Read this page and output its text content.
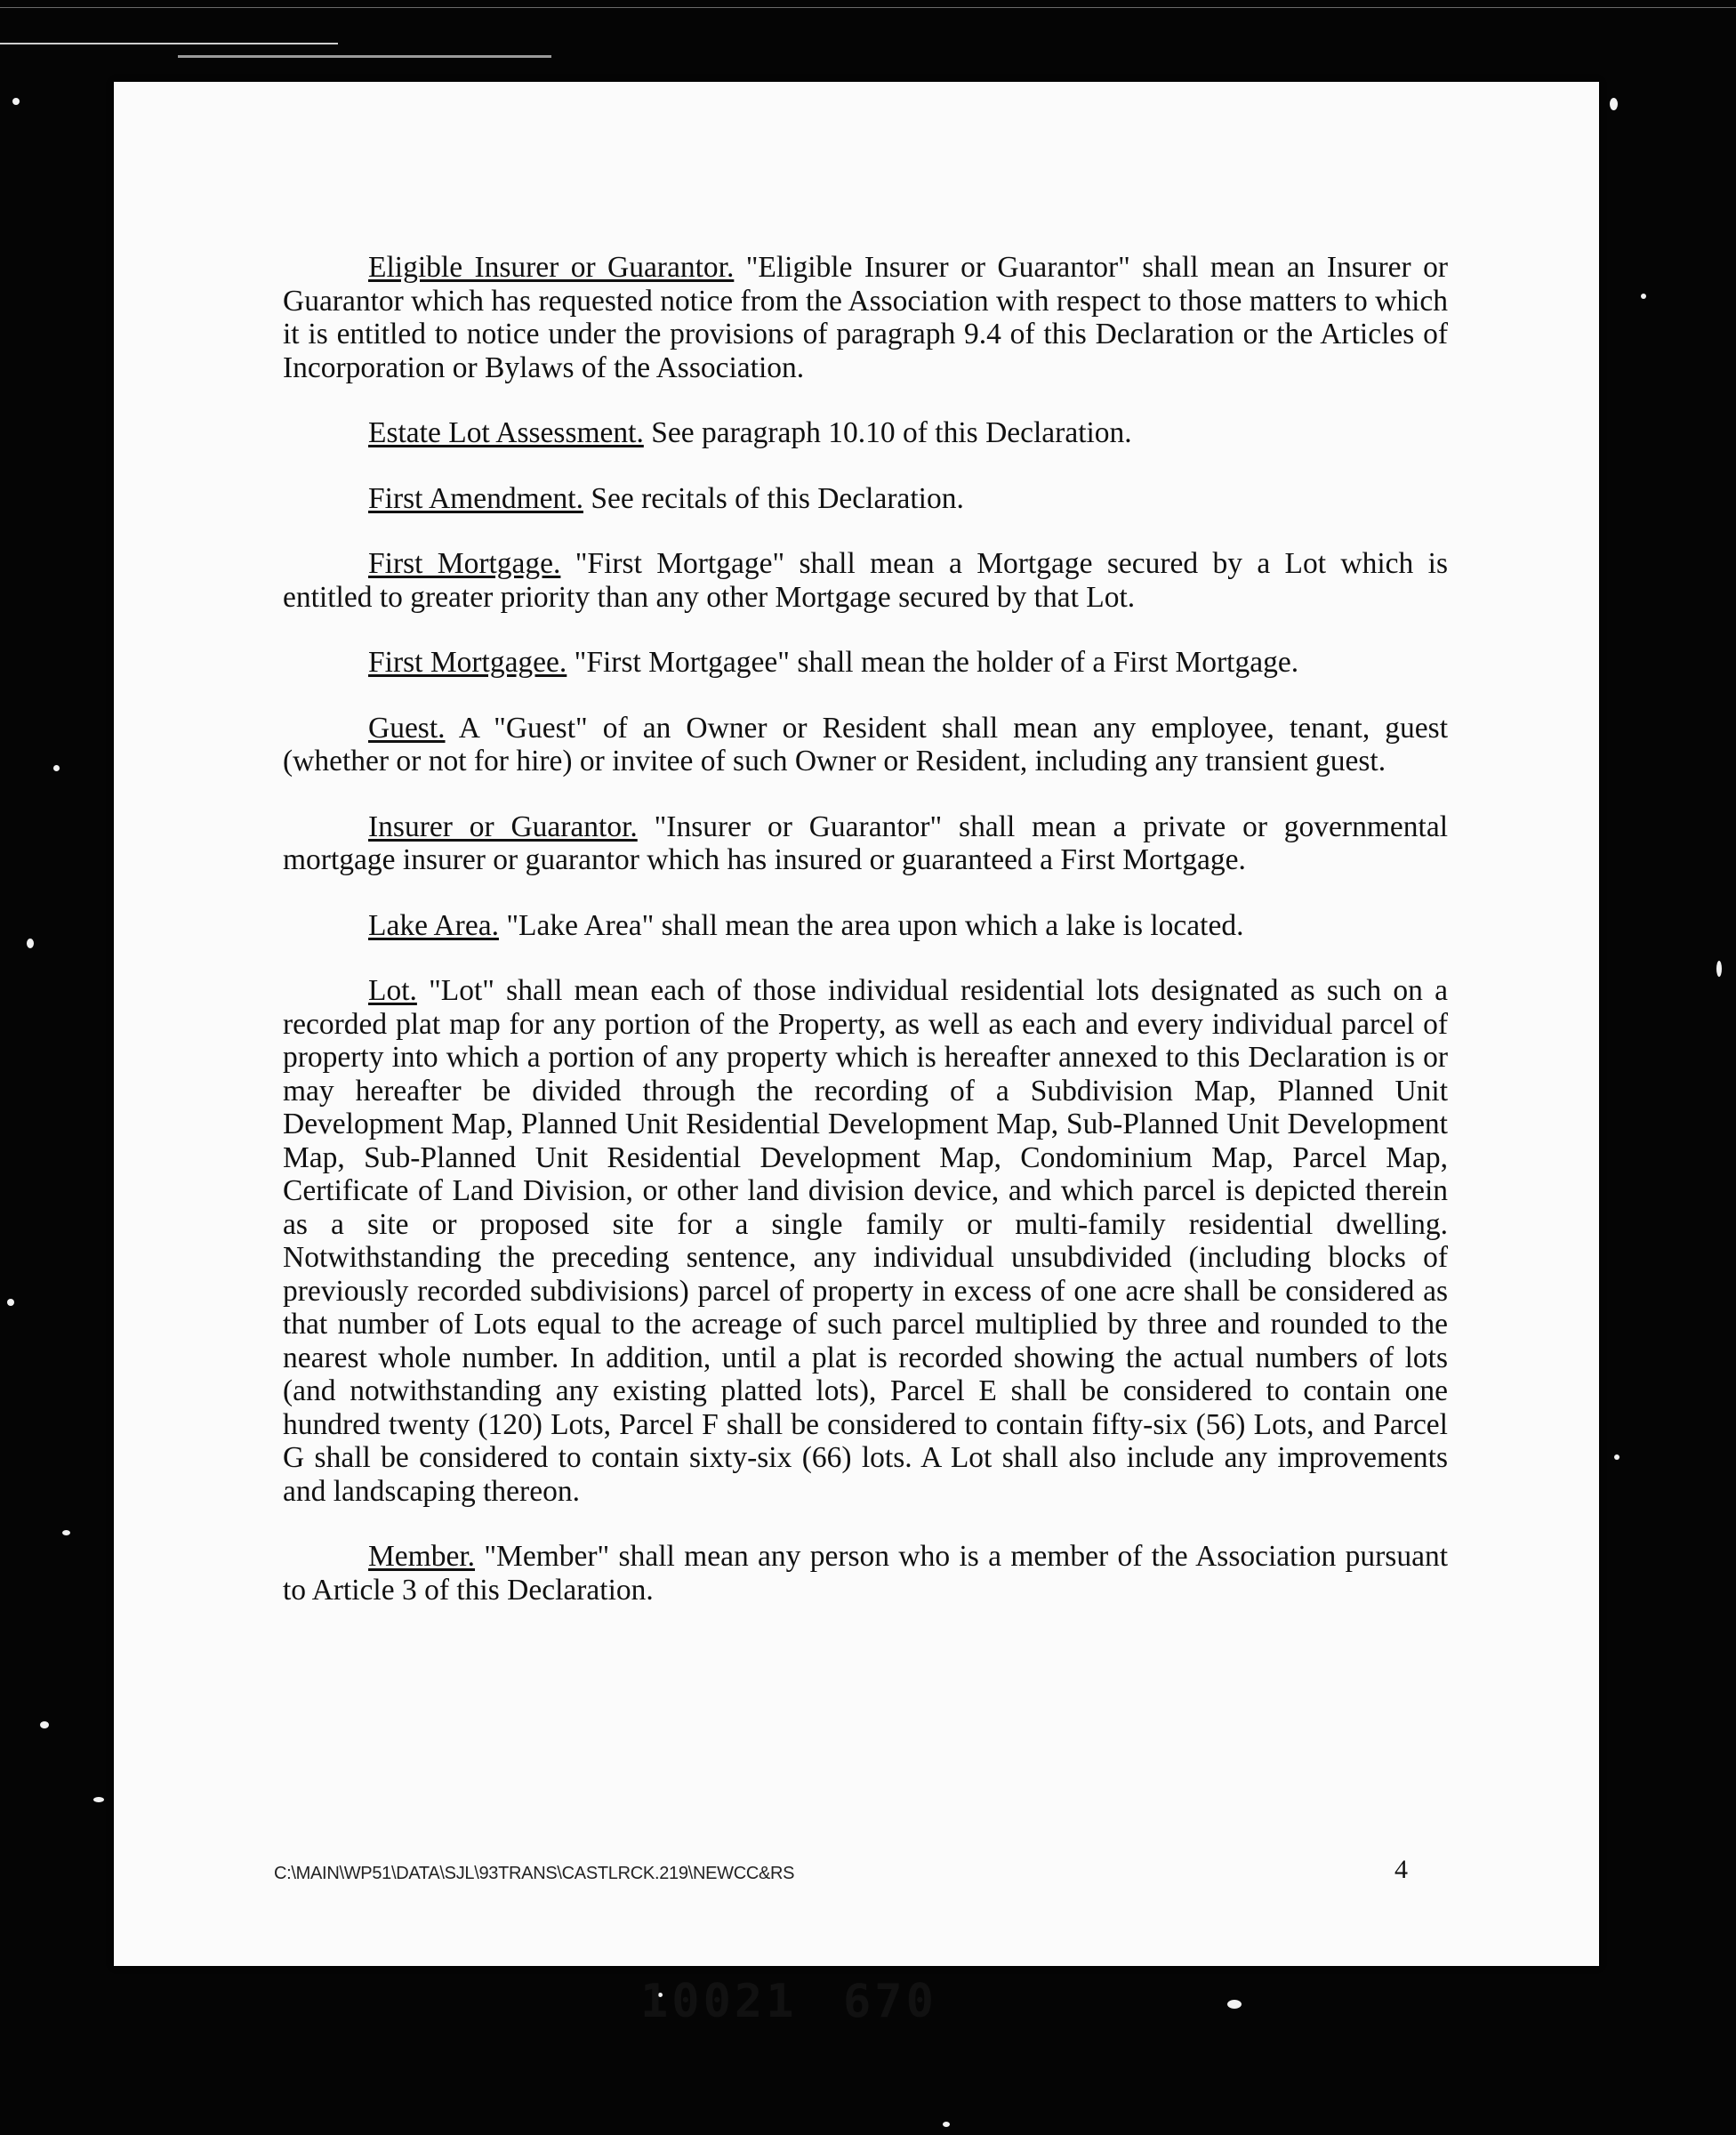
Eligible Insurer or Guarantor. "Eligible Insurer or Guarantor" shall mean an Insurer or Guarantor which has requested notice from the Association with respect to those matters to which it is entitled to notice under the provisions of paragraph 9.4 of this Declaration or the Articles of Incorporation or Bylaws of the Association.

Estate Lot Assessment. See paragraph 10.10 of this Declaration.

First Amendment. See recitals of this Declaration.

First Mortgage. "First Mortgage" shall mean a Mortgage secured by a Lot which is entitled to greater priority than any other Mortgage secured by that Lot.

First Mortgagee. "First Mortgagee" shall mean the holder of a First Mortgage.

Guest. A "Guest" of an Owner or Resident shall mean any employee, tenant, guest (whether or not for hire) or invitee of such Owner or Resident, including any transient guest.

Insurer or Guarantor. "Insurer or Guarantor" shall mean a private or governmental mortgage insurer or guarantor which has insured or guaranteed a First Mortgage.

Lake Area. "Lake Area" shall mean the area upon which a lake is located.

Lot. "Lot" shall mean each of those individual residential lots designated as such on a recorded plat map for any portion of the Property, as well as each and every individual parcel of property into which a portion of any property which is hereafter annexed to this Declaration is or may hereafter be divided through the recording of a Subdivision Map, Planned Unit Development Map, Planned Unit Residential Development Map, Sub-Planned Unit Development Map, Sub-Planned Unit Residential Development Map, Condominium Map, Parcel Map, Certificate of Land Division, or other land division device, and which parcel is depicted therein as a site or proposed site for a single family or multi-family residential dwelling. Notwithstanding the preceding sentence, any individual unsubdivided (including blocks of previously recorded subdivisions) parcel of property in excess of one acre shall be considered as that number of Lots equal to the acreage of such parcel multiplied by three and rounded to the nearest whole number. In addition, until a plat is recorded showing the actual numbers of lots (and notwithstanding any existing platted lots), Parcel E shall be considered to contain one hundred twenty (120) Lots, Parcel F shall be considered to contain fifty-six (56) Lots, and Parcel G shall be considered to contain sixty-six (66) lots. A Lot shall also include any improvements and landscaping thereon.

Member. "Member" shall mean any person who is a member of the Association pursuant to Article 3 of this Declaration.

C:\MAIN\WP51\DATA\SJL\93TRANS\CASTLRCK.219\NEWCC&RS	4
10021 670
